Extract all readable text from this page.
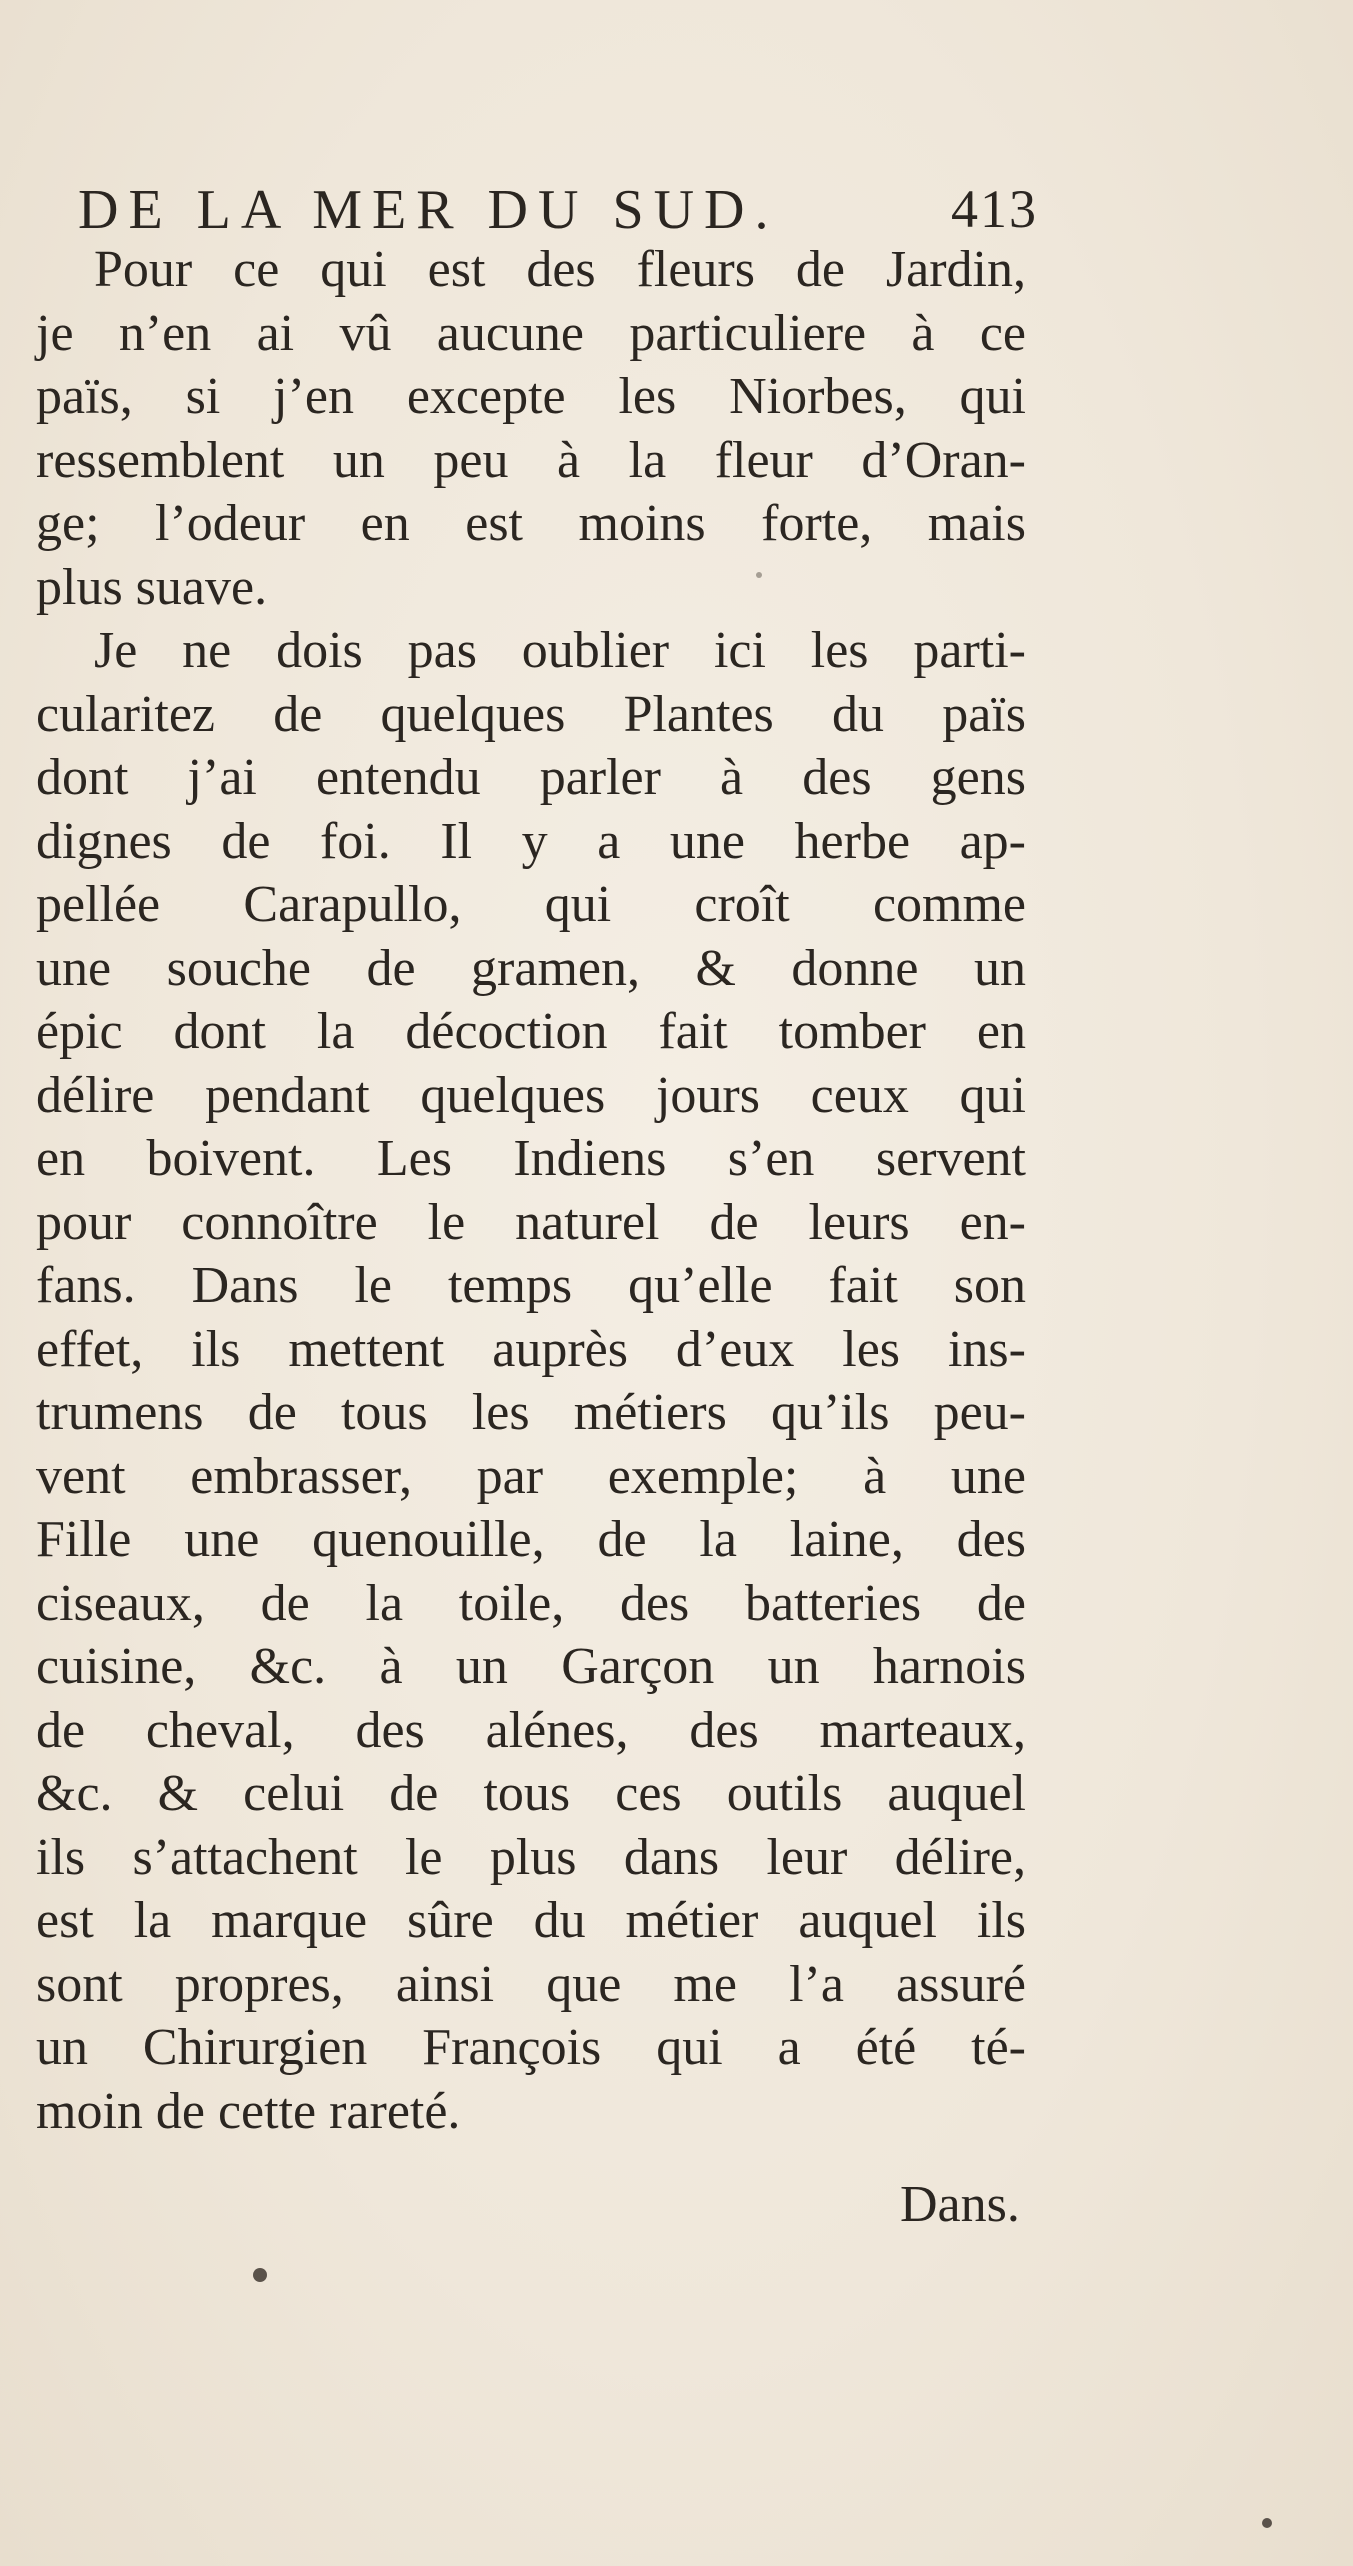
DE LA MER DU SUD.	413
Pour ce qui est des fleurs de Jardin,
je n’en ai vû aucune particuliere à ce
païs, si j’en excepte les Niorbes, qui
ressemblent un peu à la fleur d’Oran-
ge; l’odeur en est moins forte, mais
plus suave.
Je ne dois pas oublier ici les parti-
cularitez de quelques Plantes du païs
dont j’ai entendu parler à des gens
dignes de foi. Il y a une herbe ap-
pellée Carapullo, qui croît comme
une souche de gramen, & donne un
épic dont la décoction fait tomber en
délire pendant quelques jours ceux qui
en boivent. Les Indiens s’en servent
pour connoître le naturel de leurs en-
fans. Dans le temps qu’elle fait son
effet, ils mettent auprès d’eux les ins-
trumens de tous les métiers qu’ils peu-
vent embrasser, par exemple; à une
Fille une quenouille, de la laine, des
ciseaux, de la toile, des batteries de
cuisine, &c. à un Garçon un harnois
de cheval, des alénes, des marteaux,
&c. & celui de tous ces outils auquel
ils s’attachent le plus dans leur délire,
est la marque sûre du métier auquel ils
sont propres, ainsi que me l’a assuré
un Chirurgien François qui a été té-
moin de cette rareté.
Dans.
